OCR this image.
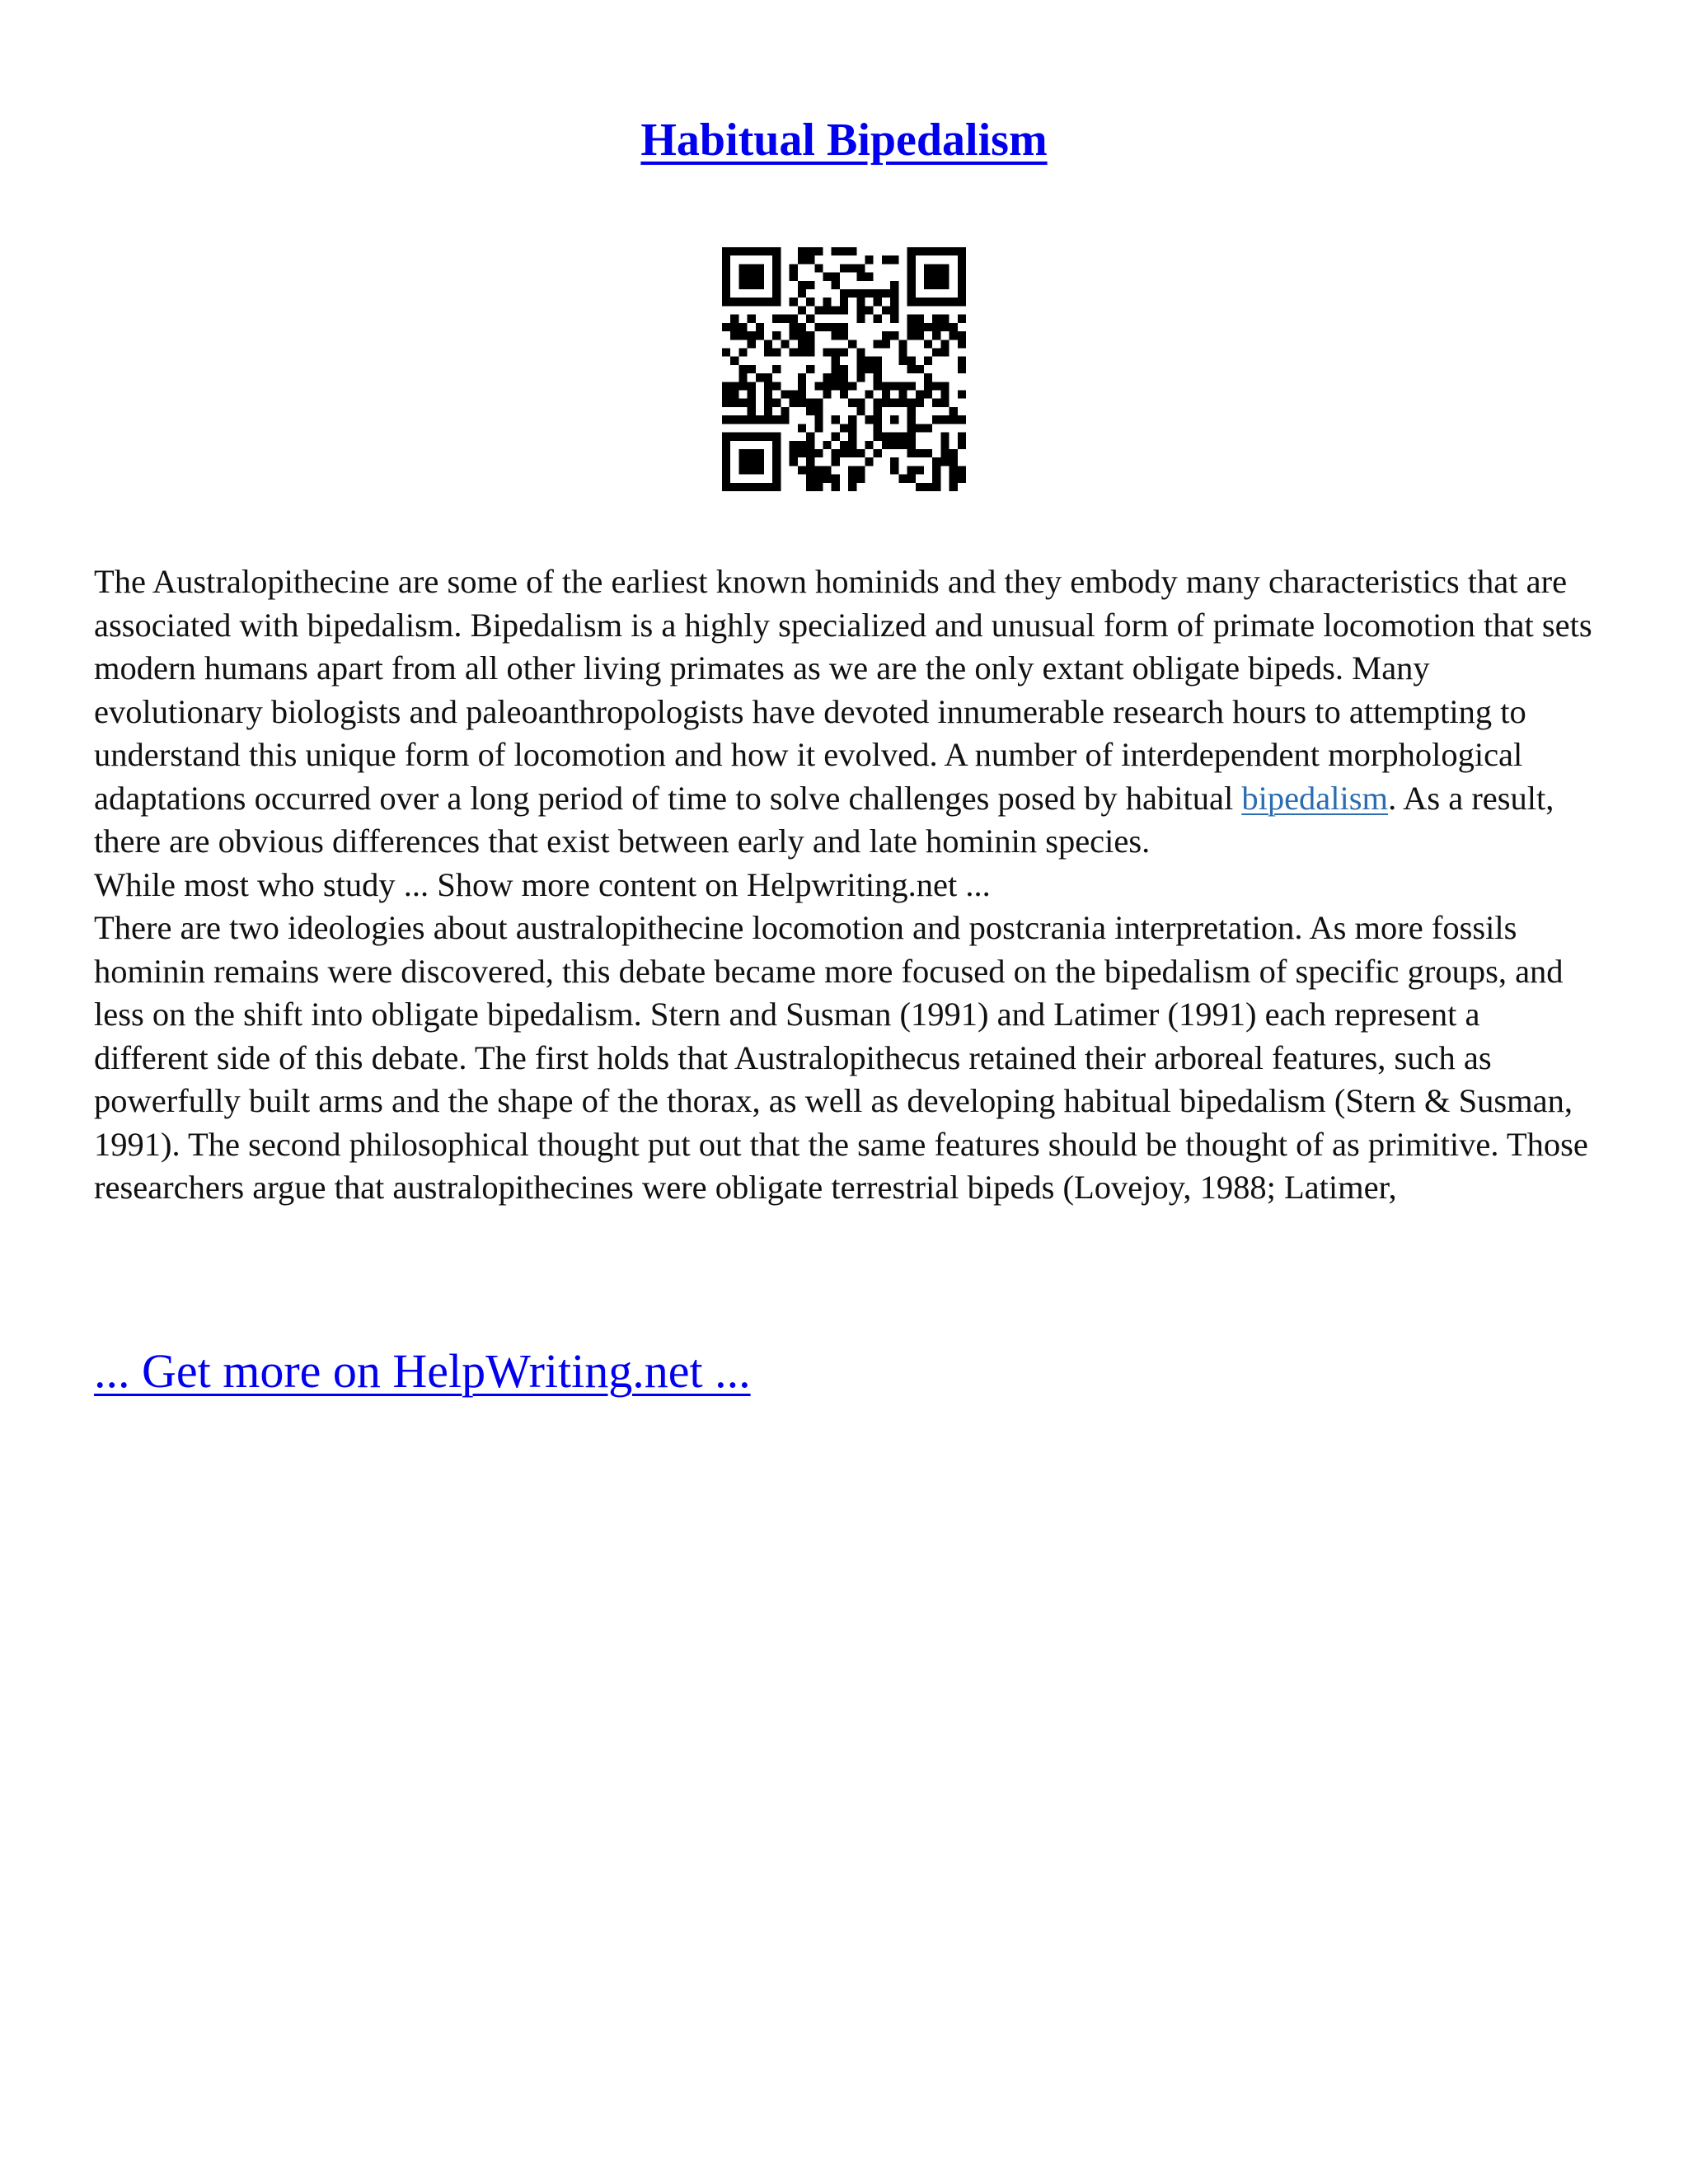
Habitual Bipedalism

The Australopithecine are some of the earliest known hominids and they embody many characteristics that are associated with bipedalism. Bipedalism is a highly specialized and unusual form of primate locomotion that sets modern humans apart from all other living primates as we are the only extant obligate bipeds. Many evolutionary biologists and paleoanthropologists have devoted innumerable research hours to attempting to understand this unique form of locomotion and how it evolved. A number of interdependent morphological adaptations occurred over a long period of time to solve challenges posed by habitual bipedalism. As a result, there are obvious differences that exist between early and late hominin species.

While most who study ... Show more content on Helpwriting.net ...

There are two ideologies about australopithecine locomotion and postcrania interpretation. As more fossils hominin remains were discovered, this debate became more focused on the bipedalism of specific groups, and less on the shift into obligate bipedalism. Stern and Susman (1991) and Latimer (1991) each represent a different side of this debate. The first holds that Australopithecus retained their arboreal features, such as powerfully built arms and the shape of the thorax, as well as developing habitual bipedalism (Stern & Susman, 1991). The second philosophical thought put out that the same features should be thought of as primitive. Those researchers argue that australopithecines were obligate terrestrial bipeds (Lovejoy, 1988; Latimer,

... Get more on HelpWriting.net ...
